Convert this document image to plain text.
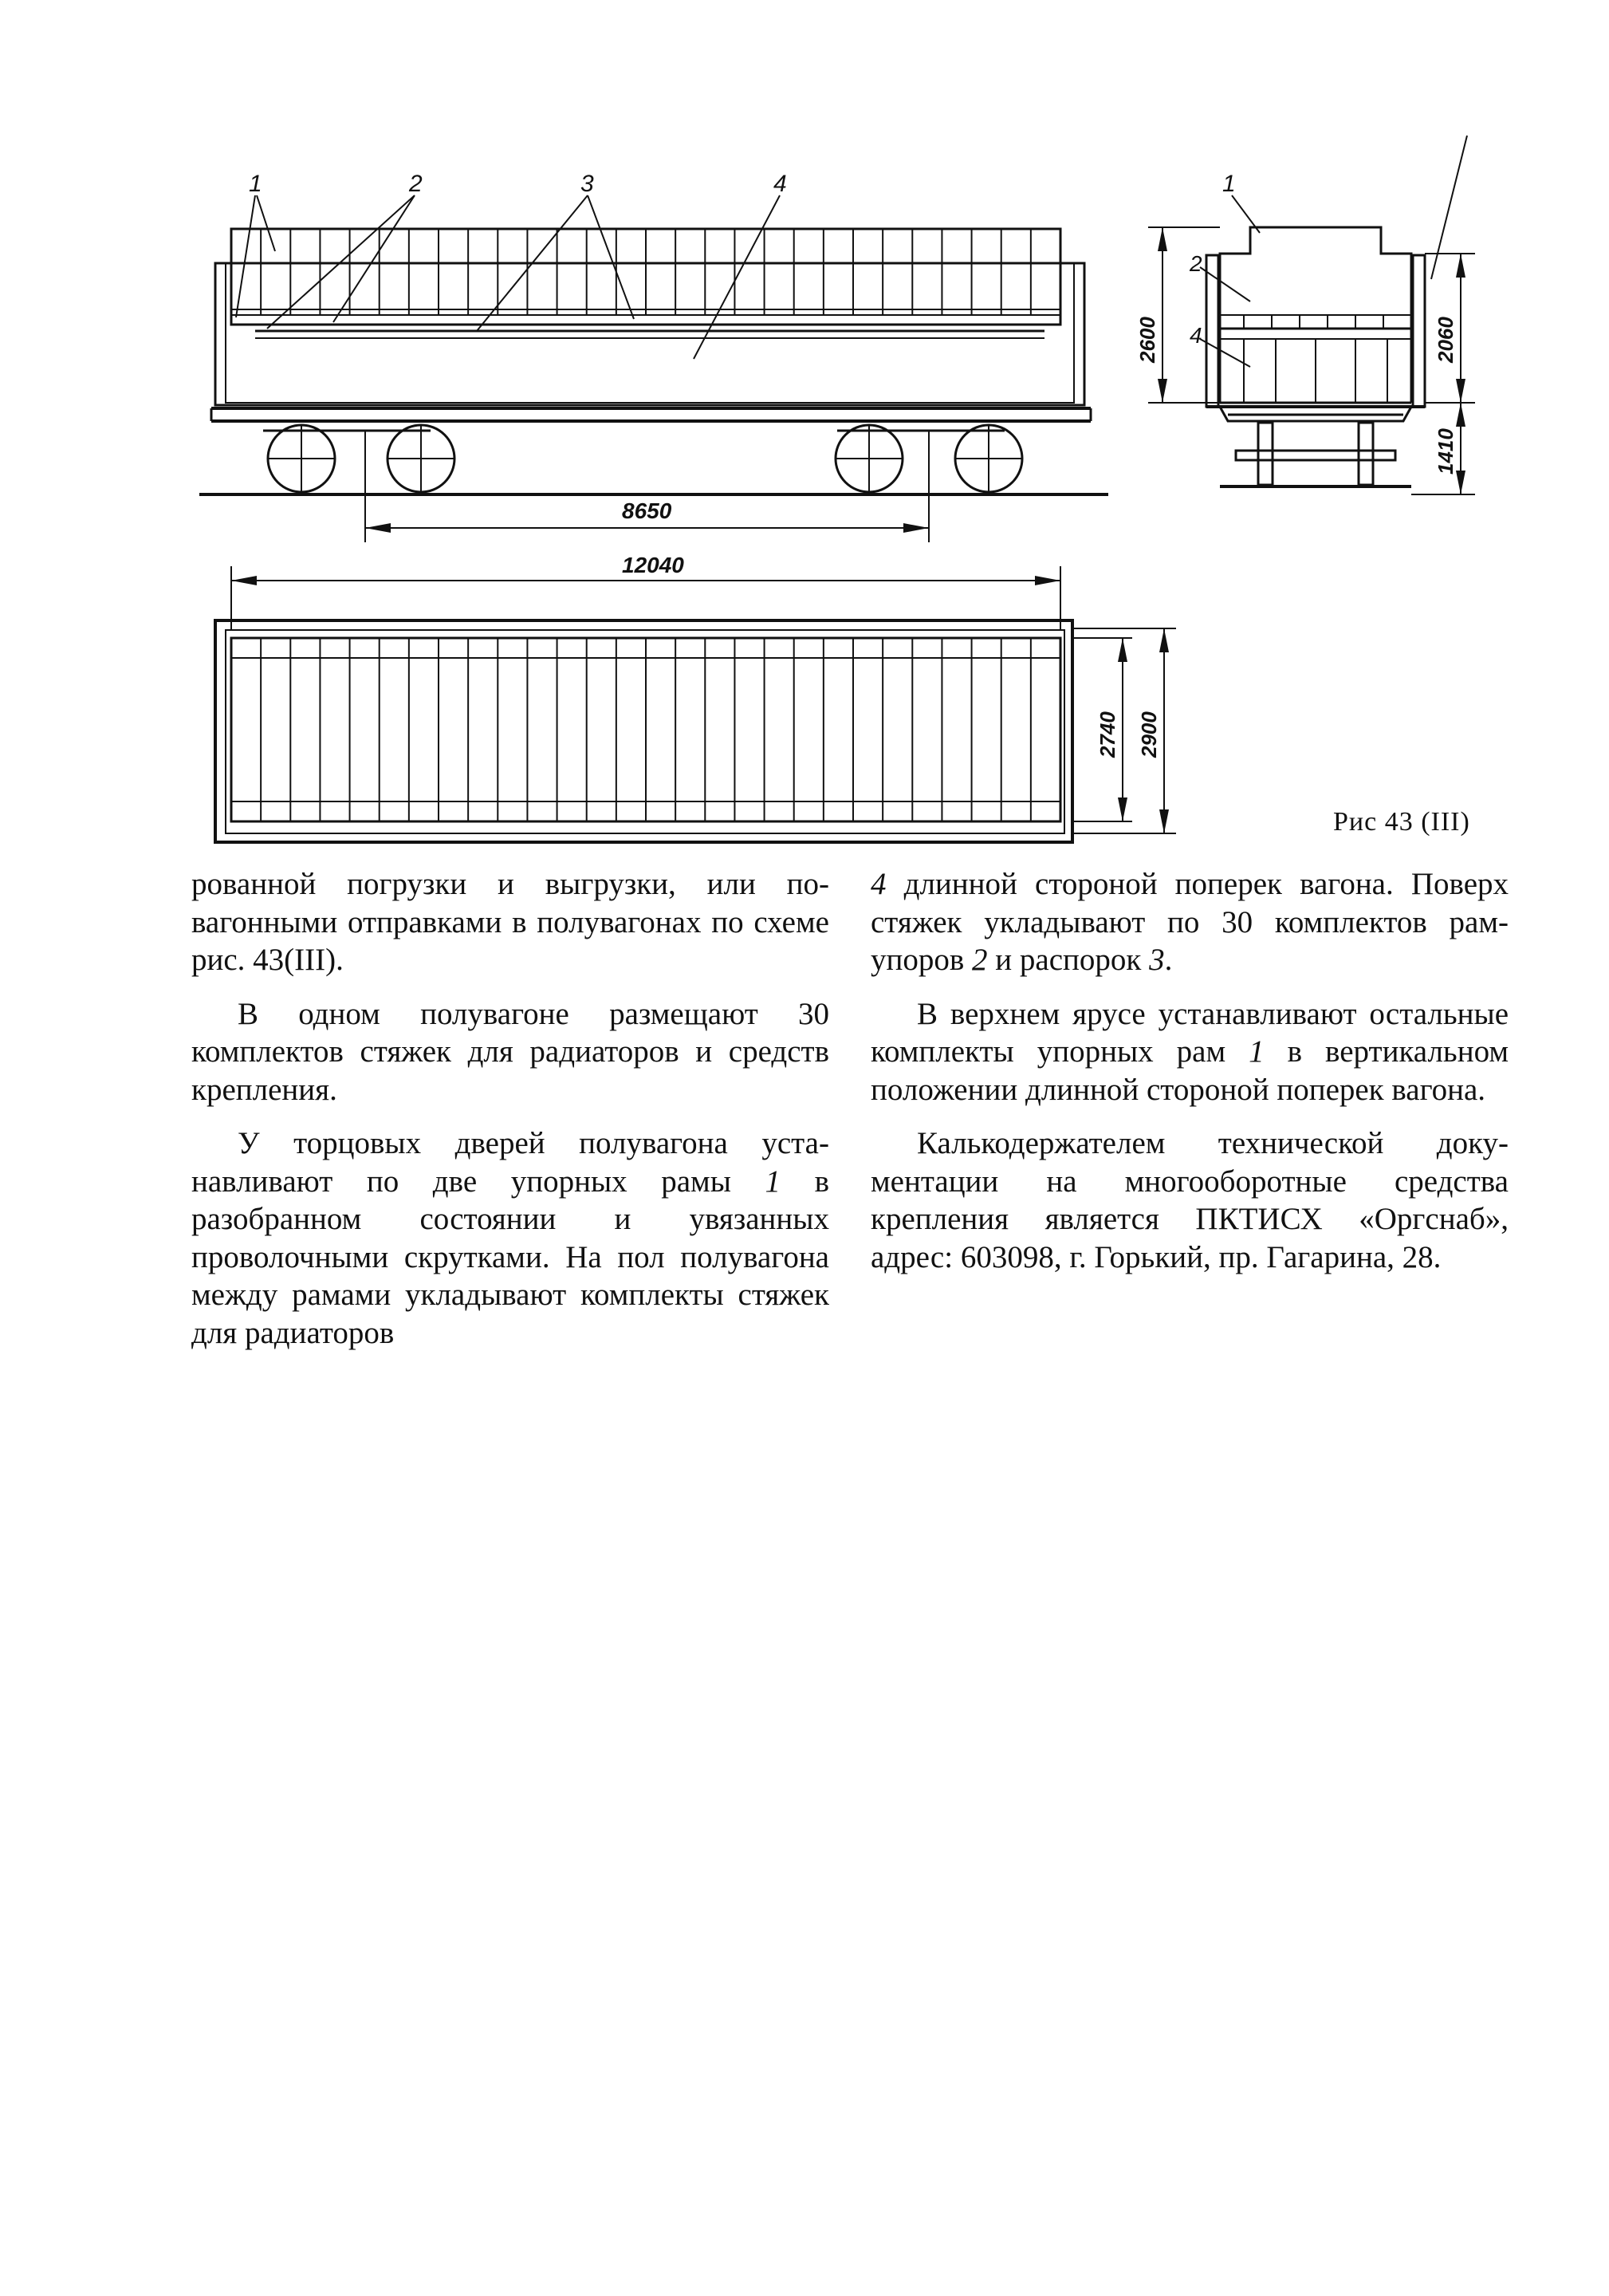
1	2	3	4	1
2
4
8650
12040
2600	2060
1410
2740 2900
Рис 43 (III)

рованной погрузки и выгрузки, или повагонными отправками в полувагонах по схеме рис. 43(III).

В одном полувагоне размещают 30 комплектов стяжек для радиаторов и средств крепления.

У торцовых дверей полувагона устанавливают по две упорных рамы 1 в разобранном состоянии и увязанных проволочными скрутками. На пол полувагона между рамами укладывают комплекты стяжек для радиаторов

4 длинной стороной поперек вагона. Поверх стяжек укладывают по 30 комплектов рам-упоров 2 и распорок 3.

В верхнем ярусе устанавливают остальные комплекты упорных рам 1 в вертикальном положении длинной стороной поперек вагона.

Калькодержателем технической документации на многооборотные средства крепления является ПКТИСХ «Оргснаб», адрес: 603098, г. Горький, пр. Гагарина, 28.
